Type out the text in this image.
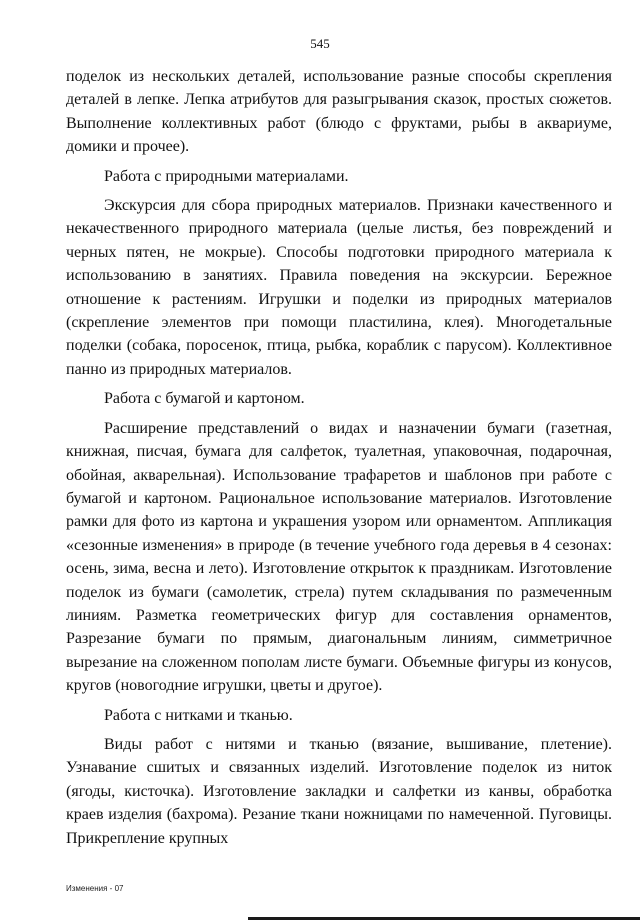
545

поделок из нескольких деталей, использование разные способы скрепления деталей в лепке. Лепка атрибутов для разыгрывания сказок, простых сюжетов. Выполнение коллективных работ (блюдо с фруктами, рыбы в аквариуме, домики и прочее).

Работа с природными материалами.

Экскурсия для сбора природных материалов. Признаки качественного и некачественного природного материала (целые листья, без повреждений и черных пятен, не мокрые). Способы подготовки природного материала к использованию в занятиях. Правила поведения на экскурсии. Бережное отношение к растениям. Игрушки и поделки из природных материалов (скрепление элементов при помощи пластилина, клея). Многодетальные поделки (собака, поросенок, птица, рыбка, кораблик с парусом). Коллективное панно из природных материалов.

Работа с бумагой и картоном.

Расширение представлений о видах и назначении бумаги (газетная, книжная, писчая, бумага для салфеток, туалетная, упаковочная, подарочная, обойная, акварельная). Использование трафаретов и шаблонов при работе с бумагой и картоном. Рациональное использование материалов. Изготовление рамки для фото из картона и украшения узором или орнаментом. Аппликация «сезонные изменения» в природе (в течение учебного года деревья в 4 сезонах: осень, зима, весна и лето). Изготовление открыток к праздникам. Изготовление поделок из бумаги (самолетик, стрела) путем складывания по размеченным линиям. Разметка геометрических фигур для составления орнаментов, Разрезание бумаги по прямым, диагональным линиям, симметричное вырезание на сложенном пополам листе бумаги. Объемные фигуры из конусов, кругов (новогодние игрушки, цветы и другое).

Работа с нитками и тканью.

Виды работ с нитями и тканью (вязание, вышивание, плетение). Узнавание сшитых и связанных изделий. Изготовление поделок из ниток (ягоды, кисточка). Изготовление закладки и салфетки из канвы, обработка краев изделия (бахрома). Резание ткани ножницами по намеченной. Пуговицы. Прикрепление крупных

Изменения - 07
